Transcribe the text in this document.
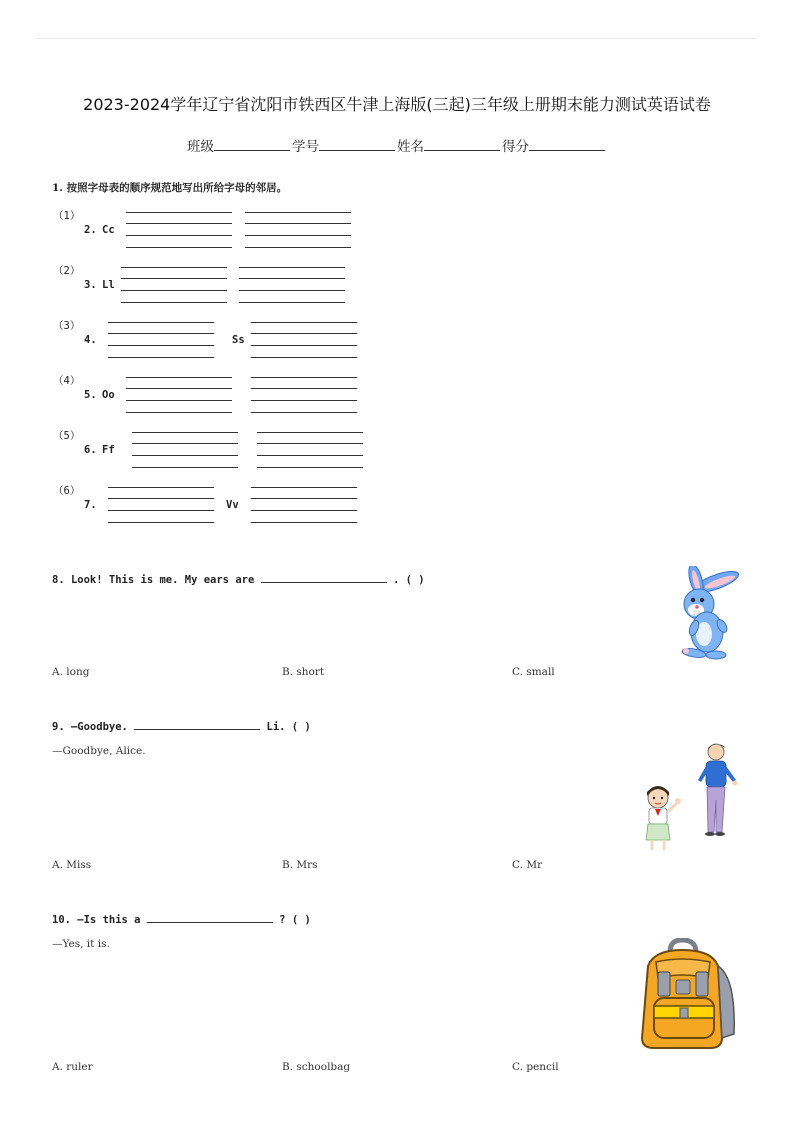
2023-2024学年辽宁省沈阳市铁西区牛津上海版(三起)三年级上册期末能力测试英语试卷
班级	学号	姓名	得分
1. 按照字母表的顺序规范地写出所给字母的邻居。
（1）
2. Cc
（2）
3. Ll
（3）
4.	Ss
（4）
5. Oo
（5）
6. Ff
（6）
7.	Vv
8. Look! This is me. My ears are	. ( )
A. long	B. short	C. small
9. —Goodbye.	Li. ( )
—Goodbye, Alice.
A. Miss	B. Mrs	C. Mr
10. —Is this a	? ( )
—Yes, it is.
A. ruler	B. schoolbag	C. pencil
